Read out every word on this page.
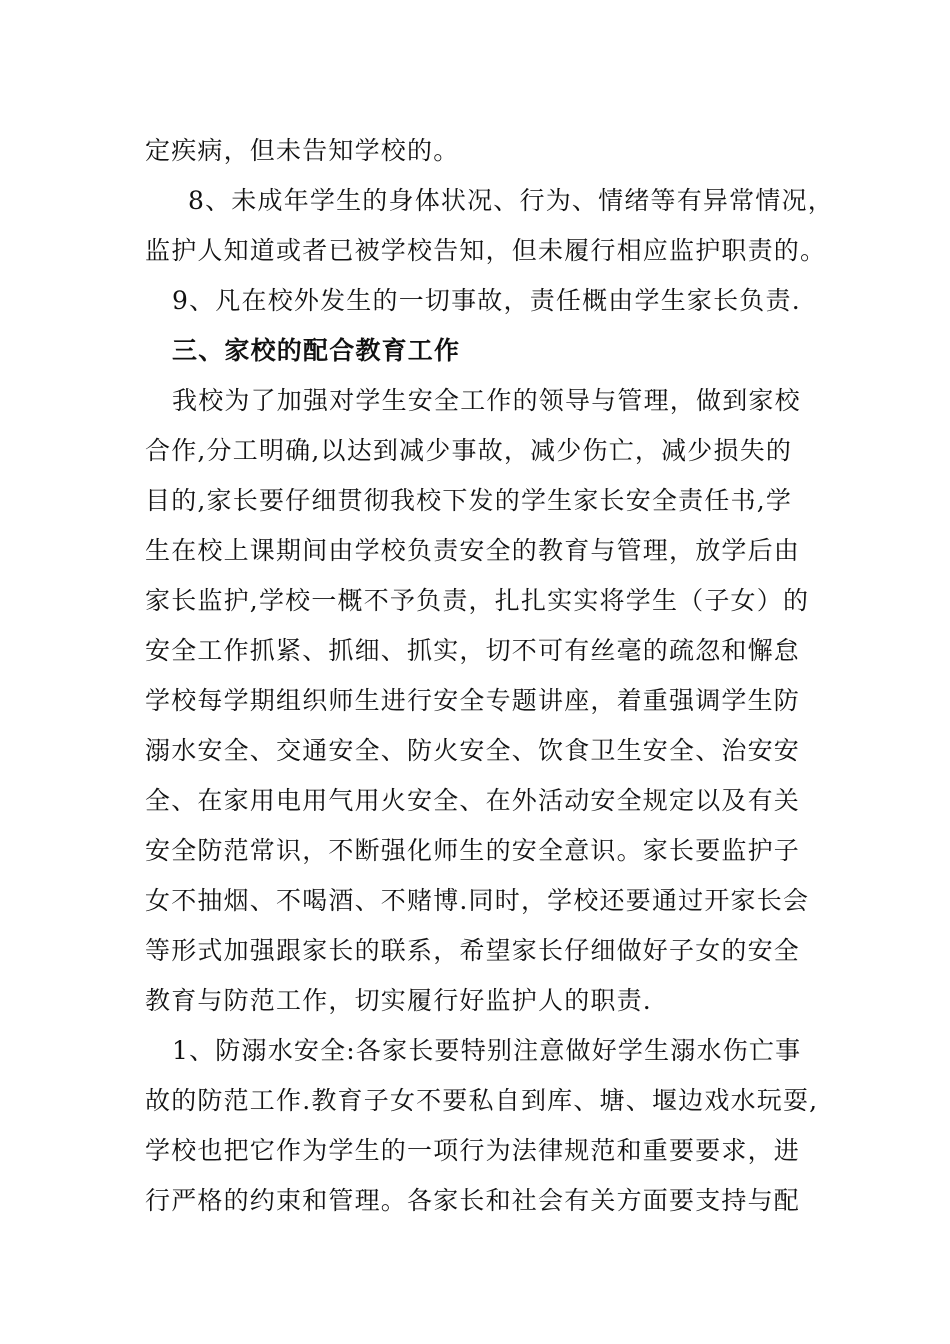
定疾病，但未告知学校的。
8、未成年学生的身体状况、行为、情绪等有异常情况，
监护人知道或者已被学校告知，但未履行相应监护职责的。
9、凡在校外发生的一切事故，责任概由学生家长负责.
三、家校的配合教育工作
我校为了加强对学生安全工作的领导与管理，做到家校
合作,分工明确,以达到减少事故，减少伤亡，减少损失的
目的,家长要仔细贯彻我校下发的学生家长安全责任书,学
生在校上课期间由学校负责安全的教育与管理，放学后由
家长监护,学校一概不予负责，扎扎实实将学生（子女）的
安全工作抓紧、抓细、抓实，切不可有丝毫的疏忽和懈怠
学校每学期组织师生进行安全专题讲座，着重强调学生防
溺水安全、交通安全、防火安全、饮食卫生安全、治安安
全、在家用电用气用火安全、在外活动安全规定以及有关
安全防范常识，不断强化师生的安全意识。家长要监护子
女不抽烟、不喝酒、不赌博.同时，学校还要通过开家长会
等形式加强跟家长的联系，希望家长仔细做好子女的安全
教育与防范工作，切实履行好监护人的职责.
1、防溺水安全:各家长要特别注意做好学生溺水伤亡事
故的防范工作.教育子女不要私自到库、塘、堰边戏水玩耍,
学校也把它作为学生的一项行为法律规范和重要要求，进
行严格的约束和管理。各家长和社会有关方面要支持与配
